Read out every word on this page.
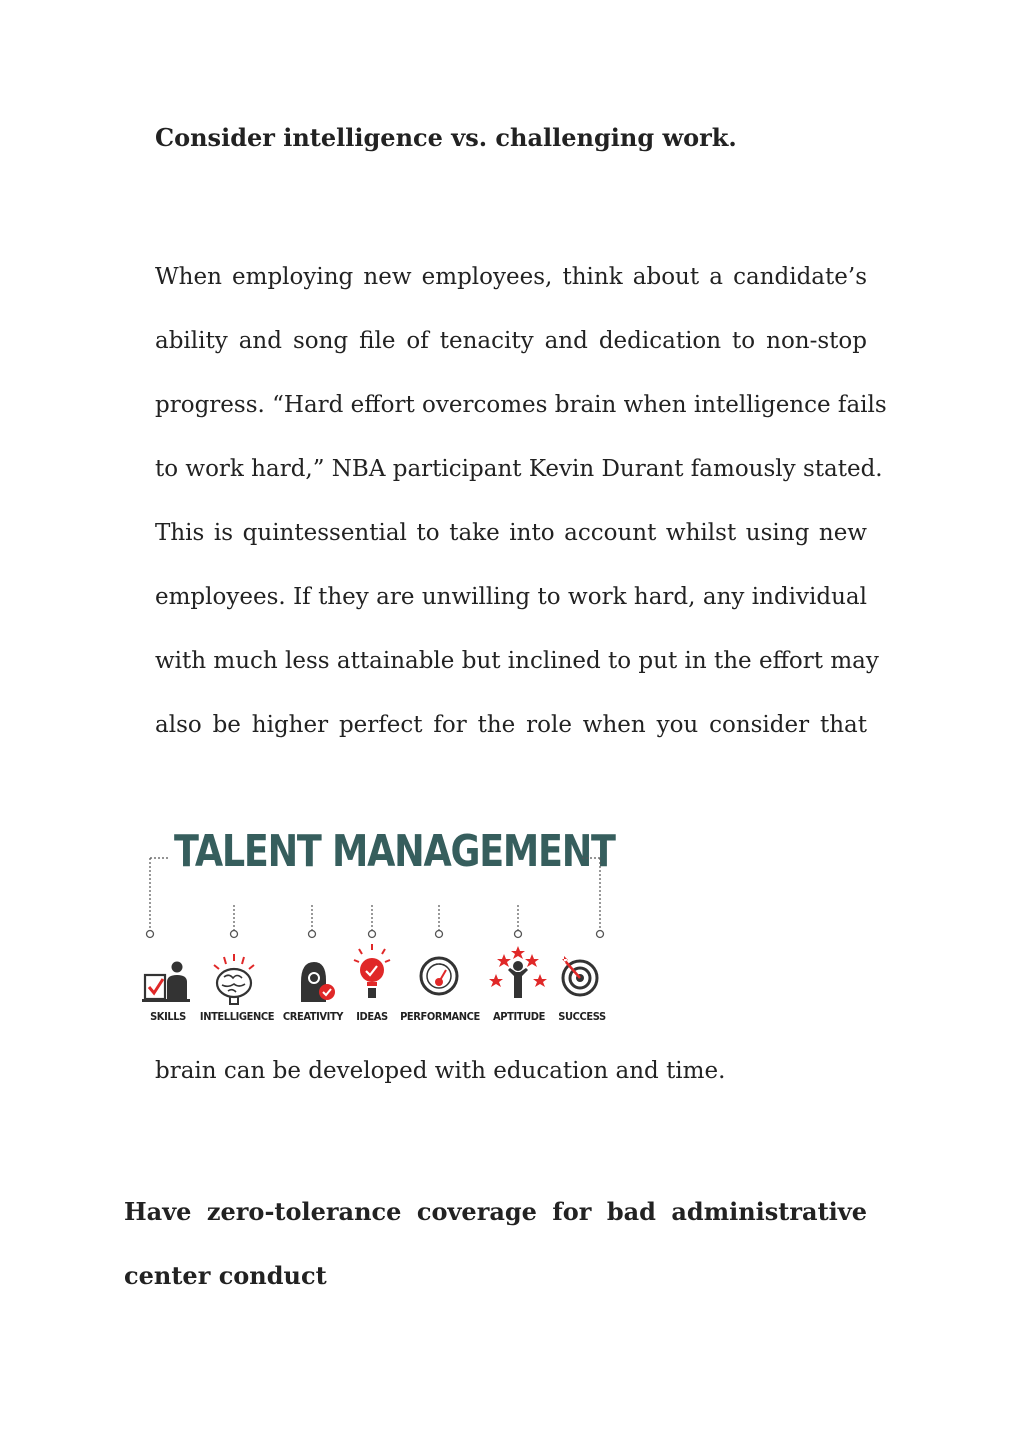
Consider intelligence vs. challenging work.
When employing new employees, think about a candidate’s
ability and song file of tenacity and dedication to non-stop
progress. “Hard effort overcomes brain when intelligence fails
to work hard,” NBA participant Kevin Durant famously stated.
This is quintessential to take into account whilst using new
employees. If they are unwilling to work hard, any individual
with much less attainable but inclined to put in the effort may
also be higher perfect for the role when you consider that
TALENT MANAGEMENT
SKILLS INTELLIGENCE CREATIVITY IDEAS PERFORMANCE APTITUDE SUCCESS
brain can be developed with education and time.
Have zero-tolerance coverage for bad administrative
center conduct
